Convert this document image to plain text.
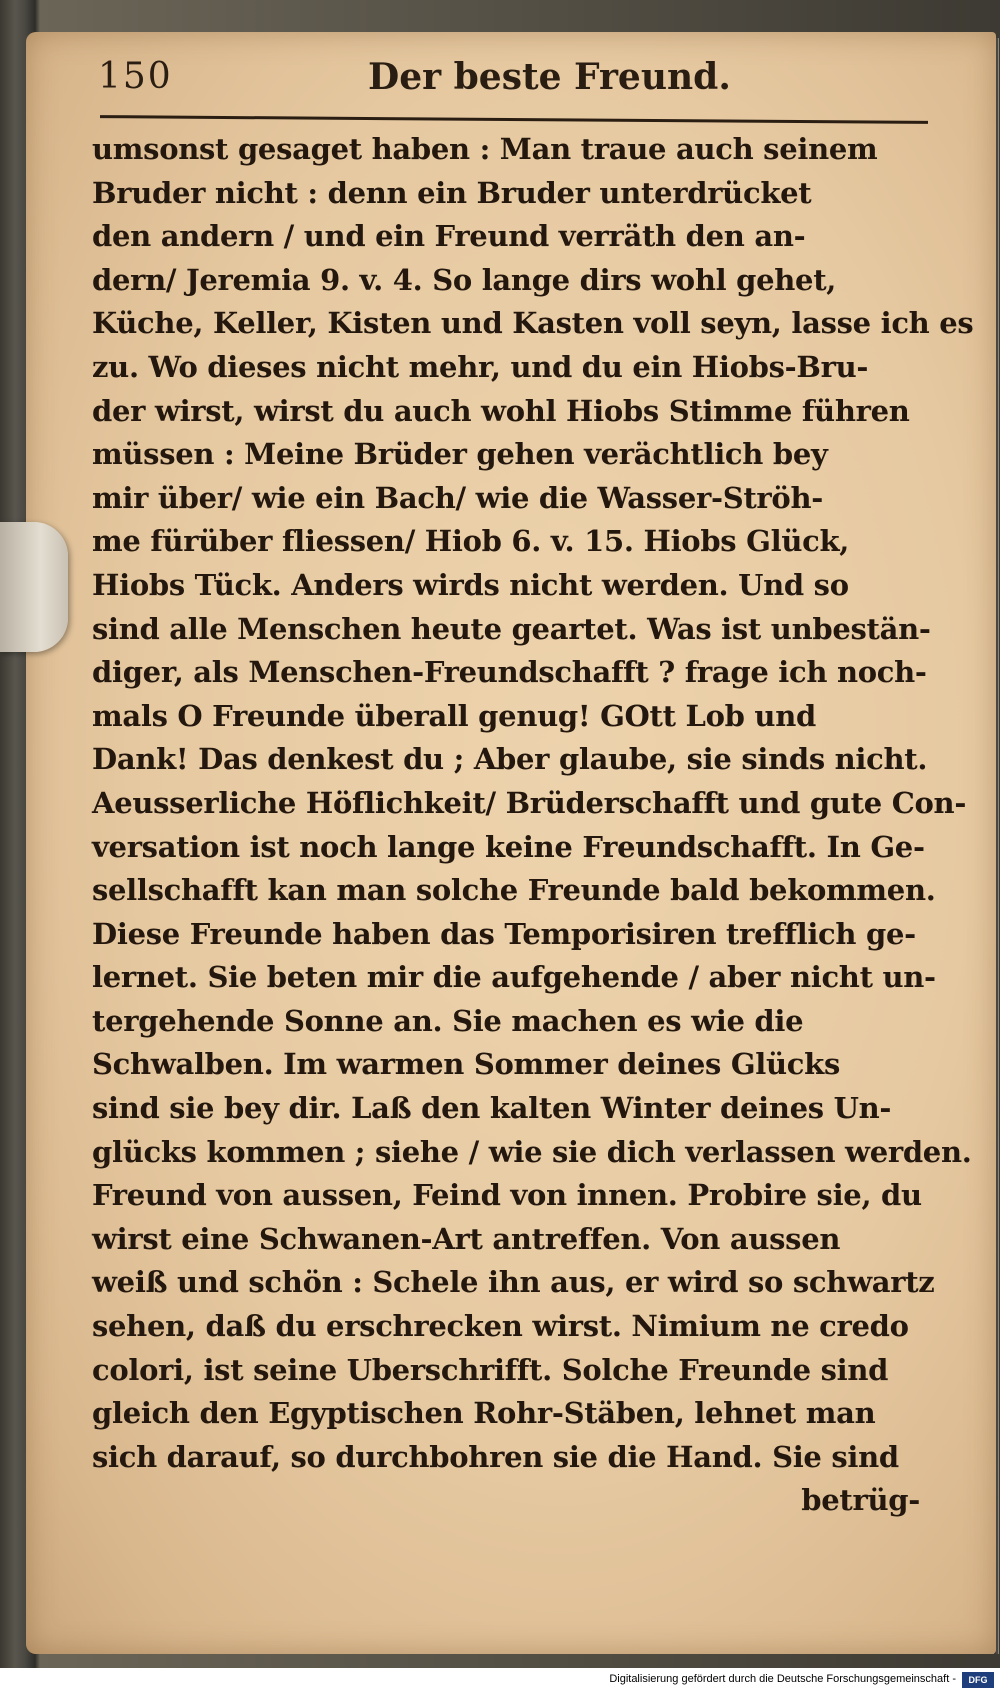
150	Der beste Freund.
umsonst gesaget haben : Man traue auch seinem
Bruder nicht : denn ein Bruder unterdrücket
den andern / und ein Freund verräth den an-
dern/ Jeremia 9. v. 4. So lange dirs wohl gehet,
Küche, Keller, Kisten und Kasten voll seyn, lasse ich es
zu. Wo dieses nicht mehr, und du ein Hiobs-Bru-
der wirst, wirst du auch wohl Hiobs Stimme führen
müssen : Meine Brüder gehen verächtlich bey
mir über/ wie ein Bach/ wie die Wasser-Ströh-
me fürüber fliessen/ Hiob 6. v. 15. Hiobs Glück,
Hiobs Tück. Anders wirds nicht werden. Und so
sind alle Menschen heute geartet. Was ist unbestän-
diger, als Menschen-Freundschafft ? frage ich noch-
mals O Freunde überall genug! GOtt Lob und
Dank! Das denkest du ; Aber glaube, sie sinds nicht.
Aeusserliche Höflichkeit/ Brüderschafft und gute Con-
versation ist noch lange keine Freundschafft. In Ge-
sellschafft kan man solche Freunde bald bekommen.
Diese Freunde haben das Temporisiren trefflich ge-
lernet. Sie beten mir die aufgehende / aber nicht un-
tergehende Sonne an. Sie machen es wie die
Schwalben. Im warmen Sommer deines Glücks
sind sie bey dir. Laß den kalten Winter deines Un-
glücks kommen ; siehe / wie sie dich verlassen werden.
Freund von aussen, Feind von innen. Probire sie, du
wirst eine Schwanen-Art antreffen. Von aussen
weiß und schön : Schele ihn aus, er wird so schwartz
sehen, daß du erschrecken wirst. Nimium ne credo
colori, ist seine Uberschrifft. Solche Freunde sind
gleich den Egyptischen Rohr-Stäben, lehnet man
sich darauf, so durchbohren sie die Hand. Sie sind
betrüg-
Digitalisierung gefördert durch die Deutsche Forschungsgemeinschaft -	DFG
